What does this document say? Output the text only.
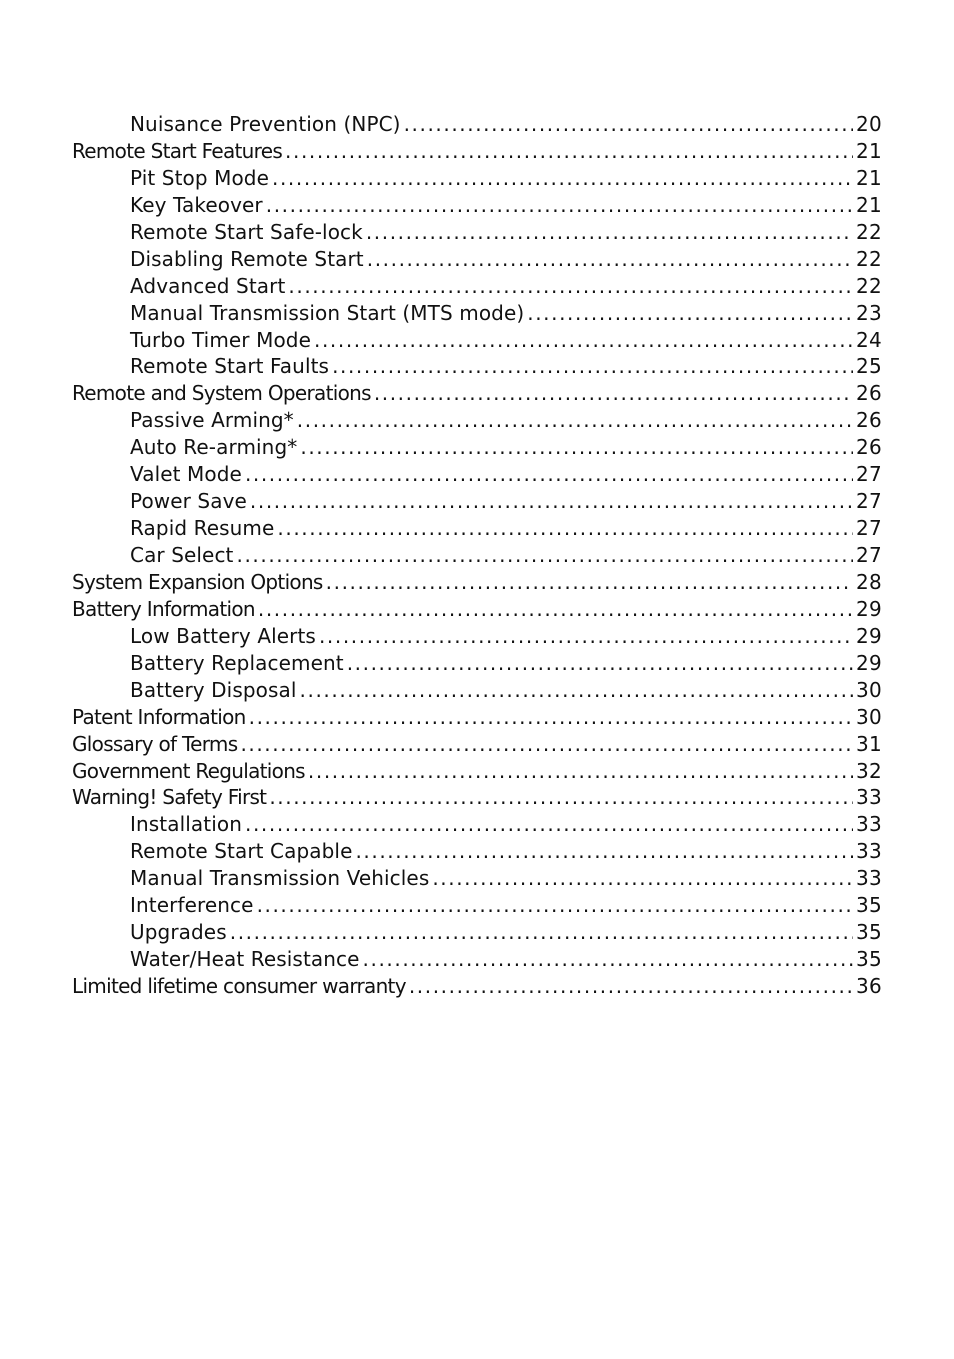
Nuisance Prevention (NPC) .....	20
Remote Start Features .....	21
Pit Stop Mode .....	21
Key Takeover .....	21
Remote Start Safe-lock .....	22
Disabling Remote Start .....	22
Advanced Start .....	22
Manual Transmission Start (MTS mode) .....	23
Turbo Timer Mode .....	24
Remote Start Faults .....	25
Remote and System Operations .....	26
Passive Arming* .....	26
Auto Re-arming* .....	26
Valet Mode .....	27
Power Save .....	27
Rapid Resume .....	27
Car Select .....	27
System Expansion Options .....	28
Battery Information .....	29
Low Battery Alerts .....	29
Battery Replacement .....	29
Battery Disposal .....	30
Patent Information .....	30
Glossary of Terms .....	31
Government Regulations .....	32
Warning! Safety First .....	33
Installation .....	33
Remote Start Capable .....	33
Manual Transmission Vehicles .....	33
Interference .....	35
Upgrades .....	35
Water/Heat Resistance .....	35
Limited lifetime consumer warranty .....	36
